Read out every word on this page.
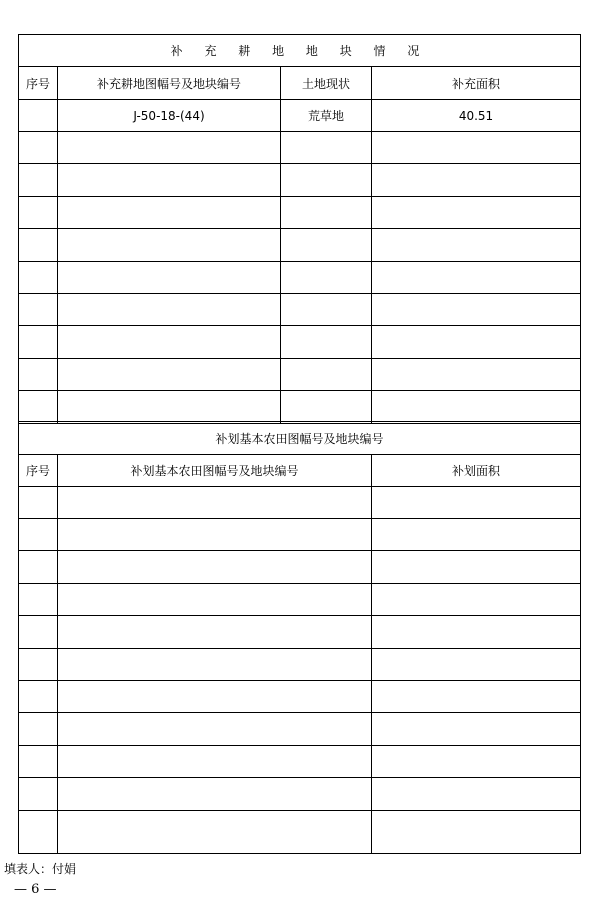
补 充 耕 地 地 块 情 况			
序号	补充耕地图幅号及地块编号	土地现状	补充面积
	J-50-18-(44)	荒草地	40.51

补划基本农田图幅号及地块编号		
序号	补划基本农田图幅号及地块编号	补划面积

填表人：付娟
— 6 —
